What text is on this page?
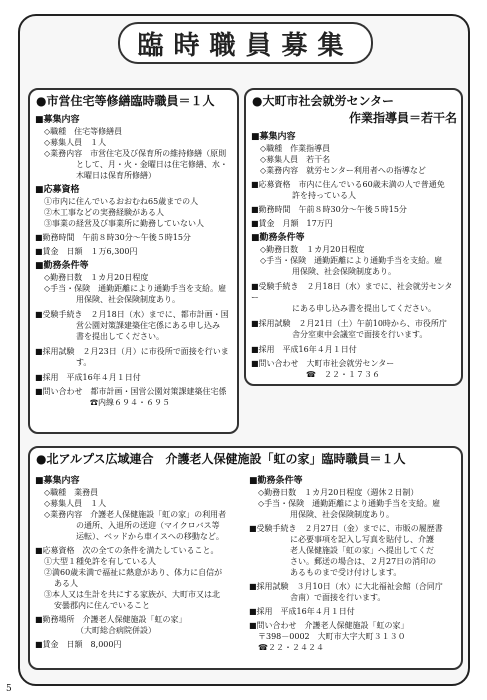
臨時職員募集
●市営住宅等修繕臨時職員＝１人
■募集内容
◇職種　住宅等修繕員
◇募集人員　１人
◇業務内容　市営住宅及び保育所の維持修繕（原則
として、月・火・金曜日は住宅修繕、水・
木曜日は保育所修繕）
■応募資格
①市内に住んでいるおおむね65歳までの人
②木工事などの実務経験がある人
③事業の経営及び事業所に勤務していない人
■勤務時間　午前８時30分～午後５時15分
■賃金　日額　１万6,300円
■勤務条件等
◇勤務日数　１カ月20日程度
◇手当・保険　通勤距離により通勤手当を支給。雇
用保険、社会保険制度あり。
■受験手続き　２月18日（水）までに、都市計画・国
営公園対策課建築住宅係にある申し込み
書を提出してください。
■採用試験　２月23日（月）に市役所で面接を行いま
す。
■採用　平成16年４月１日付
■問い合わせ　都市計画・国営公園対策課建築住宅係
☎内線６９４・６９５
●大町市社会就労センター
作業指導員＝若干名
■募集内容
◇職種　作業指導員
◇募集人員　若干名
◇業務内容　就労センター利用者への指導など
■応募資格　市内に住んでいる60歳未満の人で普通免
許を持っている人
■勤務時間　午前８時30分～午後５時15分
■賃金　月額　17万円
■勤務条件等
◇勤務日数　１カ月20日程度
◇手当・保険　通勤距離により通勤手当を支給。雇
用保険、社会保険制度あり。
■受験手続き　２月18日（水）までに、社会就労センター
にある申し込み書を提出してください。
■採用試験　２月21日（土）午前10時から、市役所庁
舎分室東中会議室で面接を行います。
■採用　平成16年４月１日付
■問い合わせ　大町市社会就労センター
☎　２２・１７３６
●北アルプス広域連合　介護老人保健施設「虹の家」臨時職員＝１人
■募集内容
◇職種　業務員
◇募集人員　１人
◇業務内容　介護老人保健施設「虹の家」の利用者
の通所、入退所の送迎（マイクロバス等
运転）、ベッドから車イスへの移動など。
■応募資格　次の全ての条件を満たしていること。
①大型１種免許を有している人
②満60歳未満で福祉に熱意があり、体力に自信が
ある人
③本人又は生計を共にする家族が、大町市又は北
安曇郡内に住んでいること
■勤務場所　介護老人保健施設「虹の家」
（大町総合病院併設）
■賃金　日額　8,000円
■勤務条件等
◇勤務日数　１カ月20日程度（週休２日制）
◇手当・保険　通勤距離により通勤手当を支給。雇
用保険、社会保険制度あり。
■受験手続き　２月27日（金）までに、市販の履歴書
に必要事項を記入し写真を貼付し、介護
老人保健施設「虹の家」へ提出してくだ
さい。郵送の場合は、２月27日の消印の
あるものまで受け付けします。
■採用試験　３月10日（水）に大北福祉会館（合同庁
舎南）で面接を行います。
■採用　平成16年４月１日付
■問い合わせ　介護老人保健施設「虹の家」
〒398－0002　大町市大字大町３１３０
☎２２・２４２４
5
